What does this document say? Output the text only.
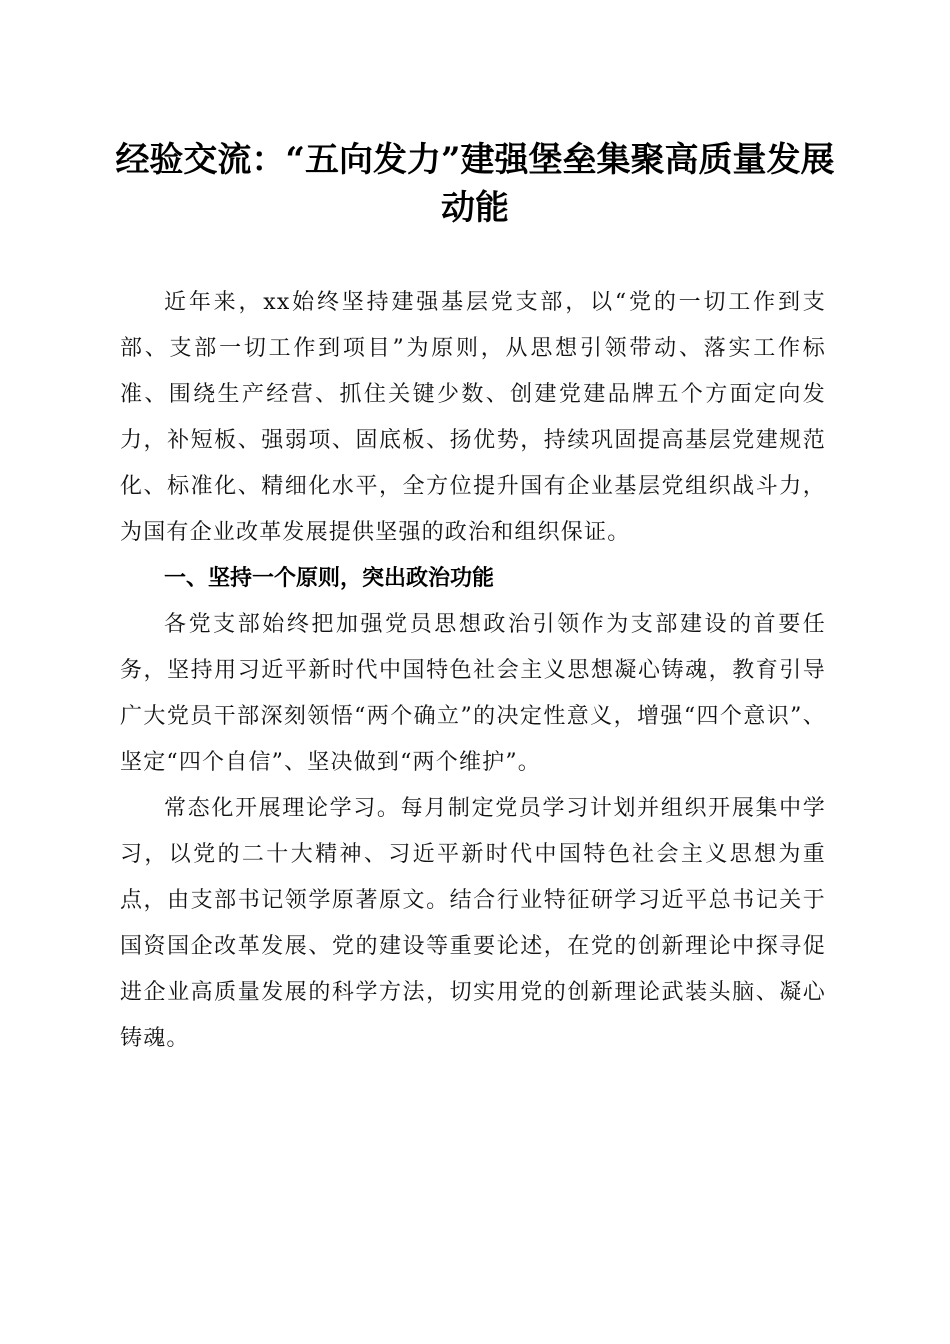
经验交流：“五向发力”建强堡垒集聚高质量发展动能

近年来，xx始终坚持建强基层党支部，以“党的一切工作到支部、支部一切工作到项目”为原则，从思想引领带动、落实工作标准、围绕生产经营、抓住关键少数、创建党建品牌五个方面定向发力，补短板、强弱项、固底板、扬优势，持续巩固提高基层党建规范化、标准化、精细化水平，全方位提升国有企业基层党组织战斗力，为国有企业改革发展提供坚强的政治和组织保证。

一、坚持一个原则，突出政治功能

各党支部始终把加强党员思想政治引领作为支部建设的首要任务，坚持用习近平新时代中国特色社会主义思想凝心铸魂，教育引导广大党员干部深刻领悟“两个确立”的决定性意义，增强“四个意识”、坚定“四个自信”、坚决做到“两个维护”。

常态化开展理论学习。每月制定党员学习计划并组织开展集中学习，以党的二十大精神、习近平新时代中国特色社会主义思想为重点，由支部书记领学原著原文。结合行业特征研学习近平总书记关于国资国企改革发展、党的建设等重要论述，在党的创新理论中探寻促进企业高质量发展的科学方法，切实用党的创新理论武装头脑、凝心铸魂。
